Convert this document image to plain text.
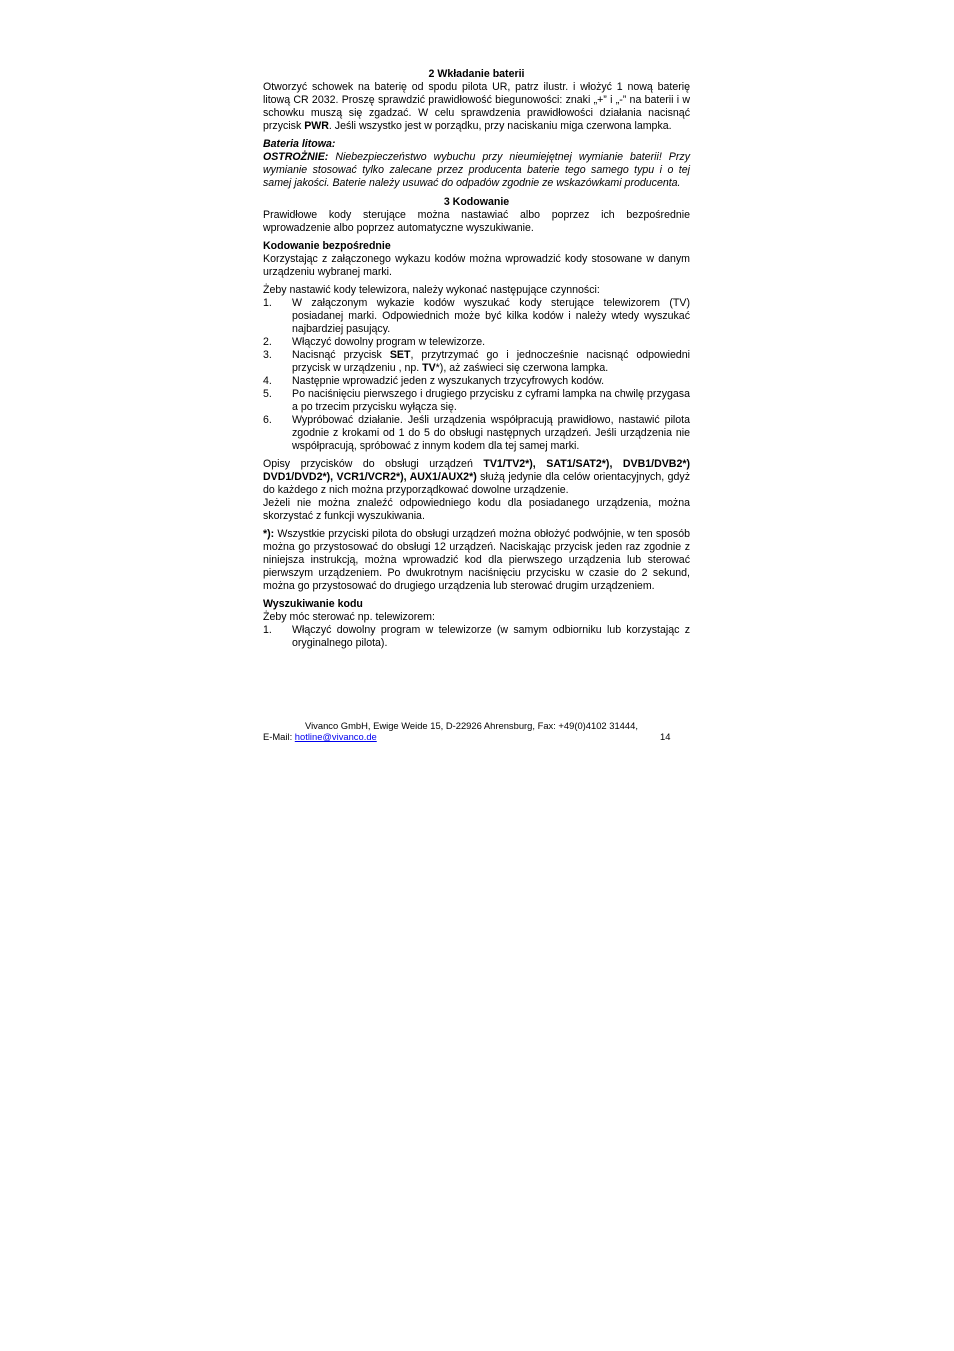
2 Wkładanie baterii

Otworzyć schowek na baterię od spodu pilota UR, patrz ilustr. i włożyć 1 nową baterię litową CR 2032. Proszę sprawdzić prawidłowość biegunowości: znaki „+” i „-” na baterii i w schowku muszą się zgadzać. W celu sprawdzenia prawidłowości działania nacisnąć przycisk PWR. Jeśli wszystko jest w porządku, przy naciskaniu miga czerwona lampka.

Bateria litowa:

OSTROŻNIE: Niebezpieczeństwo wybuchu przy nieumiejętnej wymianie baterii! Przy wymianie stosować tylko zalecane przez producenta baterie tego samego typu i o tej samej jakości. Baterie należy usuwać do odpadów zgodnie ze wskazówkami producenta.

3 Kodowanie

Prawidłowe kody sterujące można nastawiać albo poprzez ich bezpośrednie wprowadzenie albo poprzez automatyczne wyszukiwanie.

Kodowanie bezpośrednie

Korzystając z załączonego wykazu kodów można wprowadzić kody stosowane w danym urządzeniu wybranej marki.

Żeby nastawić kody telewizora, należy wykonać następujące czynności:

1. W załączonym wykazie kodów wyszukać kody sterujące telewizorem (TV) posiadanej marki. Odpowiednich może być kilka kodów i należy wtedy wyszukać najbardziej pasujący.
2. Włączyć dowolny program w telewizorze.
3. Nacisnąć przycisk SET, przytrzymać go i jednocześnie nacisnąć odpowiedni przycisk w urządzeniu , np. TV*), aż zaświeci się czerwona lampka.
4. Następnie wprowadzić jeden z wyszukanych trzycyfrowych kodów.
5. Po naciśnięciu pierwszego i drugiego przycisku z cyframi lampka na chwilę przygasa a po trzecim przycisku wyłącza się.
6. Wypróbować działanie. Jeśli urządzenia współpracują prawidłowo, nastawić pilota zgodnie z krokami od 1 do 5 do obsługi następnych urządzeń. Jeśli urządzenia nie współpracują, spróbować z innym kodem dla tej samej marki.

Opisy przycisków do obsługi urządzeń TV1/TV2*), SAT1/SAT2*), DVB1/DVB2*) DVD1/DVD2*), VCR1/VCR2*), AUX1/AUX2*) służą jedynie dla celów orientacyjnych, gdyż do każdego z nich można przyporządkować dowolne urządzenie.

Jeżeli nie można znaleźć odpowiedniego kodu dla posiadanego urządzenia, można skorzystać z funkcji wyszukiwania.

*): Wszystkie przyciski pilota do obsługi urządzeń można obłożyć podwójnie, w ten sposób można go przystosować do obsługi 12 urządzeń. Naciskając przycisk jeden raz zgodnie z niniejsza instrukcją, można wprowadzić kod dla pierwszego urządzenia lub sterować pierwszym urządzeniem. Po dwukrotnym naciśnięciu przycisku w czasie do 2 sekund, można go przystosować do drugiego urządzenia lub sterować drugim urządzeniem.

Wyszukiwanie kodu

Żeby móc sterować np. telewizorem:

1. Włączyć dowolny program w telewizorze (w samym odbiorniku lub korzystając z oryginalnego pilota).
Vivanco GmbH, Ewige Weide 15, D-22926 Ahrensburg, Fax: +49(0)4102 31444,
E-Mail: hotline@vivanco.de	14
